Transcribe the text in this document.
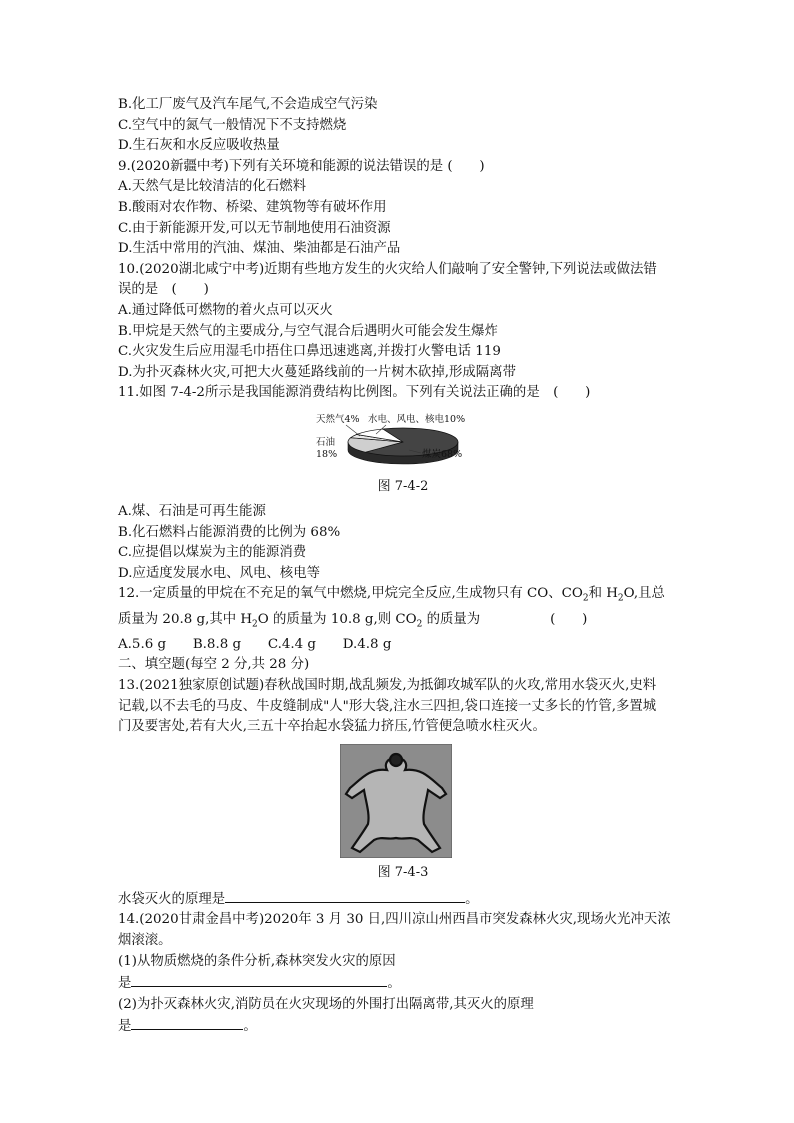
B.化工厂废气及汽车尾气,不会造成空气污染
C.空气中的氮气一般情况下不支持燃烧
D.生石灰和水反应吸收热量
9.(2020新疆中考)下列有关环境和能源的说法错误的是 (　　)
A.天然气是比较清洁的化石燃料
B.酸雨对农作物、桥梁、建筑物等有破坏作用
C.由于新能源开发,可以无节制地使用石油资源
D.生活中常用的汽油、煤油、柴油都是石油产品
10.(2020湖北咸宁中考)近期有些地方发生的火灾给人们敲响了安全警钟,下列说法或做法错
误的是　(　　)
A.通过降低可燃物的着火点可以灭火
B.甲烷是天然气的主要成分,与空气混合后遇明火可能会发生爆炸
C.火灾发生后应用湿毛巾捂住口鼻迅速逃离,并拨打火警电话 119
D.为扑灭森林火灾,可把大火蔓延路线前的一片树木砍掉,形成隔离带
11.如图 7-4-2所示是我国能源消费结构比例图。下列有关说法正确的是　(　　)
天然气4% 水电、风电、核电10%
石油
18%	煤炭68%
图 7-4-2
A.煤、石油是可再生能源
B.化石燃料占能源消费的比例为 68%
C.应提倡以煤炭为主的能源消费
D.应适度发展水电、风电、核电等
12.一定质量的甲烷在不充足的氧气中燃烧,甲烷完全反应,生成物只有 CO、$CO_2$和 $H_2O$,且总
质量为 20.8 g,其中 $H_2O$ 的质量为 10.8 g,则 $CO_2$ 的质量为	(　　)
A.5.6 g　　B.8.8 g　　C.4.4 g　　D.4.8 g
二、填空题(每空 2 分,共 28 分)
13.(2021独家原创试题)春秋战国时期,战乱频发,为抵御攻城军队的火攻,常用水袋灭火,史料
记载,以不去毛的马皮、牛皮缝制成"人"形大袋,注水三四担,袋口连接一丈多长的竹管,多置城
门及要害处,若有大火,三五十卒抬起水袋猛力挤压,竹管便急喷水柱灭火。
图 7-4-3
水袋灭火的原理是	。
14.(2020甘肃金昌中考)2020年 3 月 30 日,四川凉山州西昌市突发森林火灾,现场火光冲天浓
烟滚滚。
(1)从物质燃烧的条件分析,森林突发火灾的原因
是	。
(2)为扑灭森林火灾,消防员在火灾现场的外围打出隔离带,其灭火的原理
是	。
